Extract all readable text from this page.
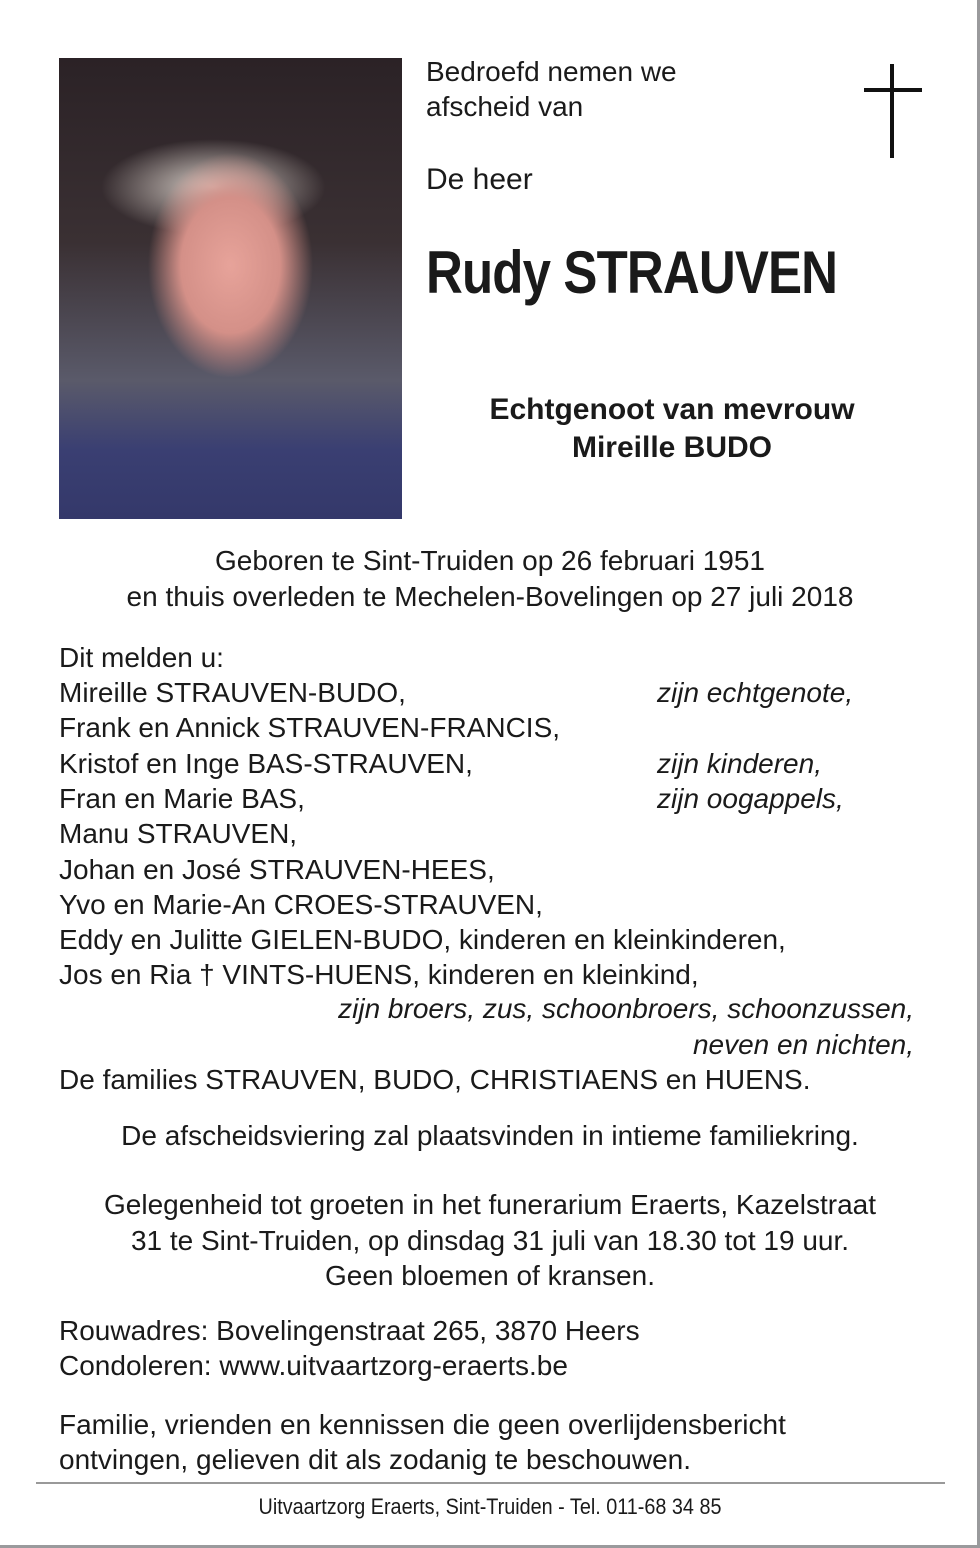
Bedroefd nemen we
afscheid van
De heer
Rudy STRAUVEN
Echtgenoot van mevrouw
Mireille BUDO
Geboren te Sint-Truiden op 26 februari 1951
en thuis overleden te Mechelen-Bovelingen op 27 juli 2018
Dit melden u:
Mireille STRAUVEN-BUDO,	zijn echtgenote,
Frank en Annick STRAUVEN-FRANCIS,
Kristof en Inge BAS-STRAUVEN,	zijn kinderen,
Fran en Marie BAS,	zijn oogappels,
Manu STRAUVEN,
Johan en José STRAUVEN-HEES,
Yvo en Marie-An CROES-STRAUVEN,
Eddy en Julitte GIELEN-BUDO, kinderen en kleinkinderen,
Jos en Ria † VINTS-HUENS, kinderen en kleinkind,
zijn broers, zus, schoonbroers, schoonzussen,
neven en nichten,
De families STRAUVEN, BUDO, CHRISTIAENS en HUENS.
De afscheidsviering zal plaatsvinden in intieme familiekring.
Gelegenheid tot groeten in het funerarium Eraerts, Kazelstraat
31 te Sint-Truiden, op dinsdag 31 juli van 18.30 tot 19 uur.
Geen bloemen of kransen.
Rouwadres: Bovelingenstraat 265, 3870 Heers
Condoleren: www.uitvaartzorg-eraerts.be
Familie, vrienden en kennissen die geen overlijdensbericht
ontvingen, gelieven dit als zodanig te beschouwen.
Uitvaartzorg Eraerts, Sint-Truiden - Tel. 011-68 34 85
